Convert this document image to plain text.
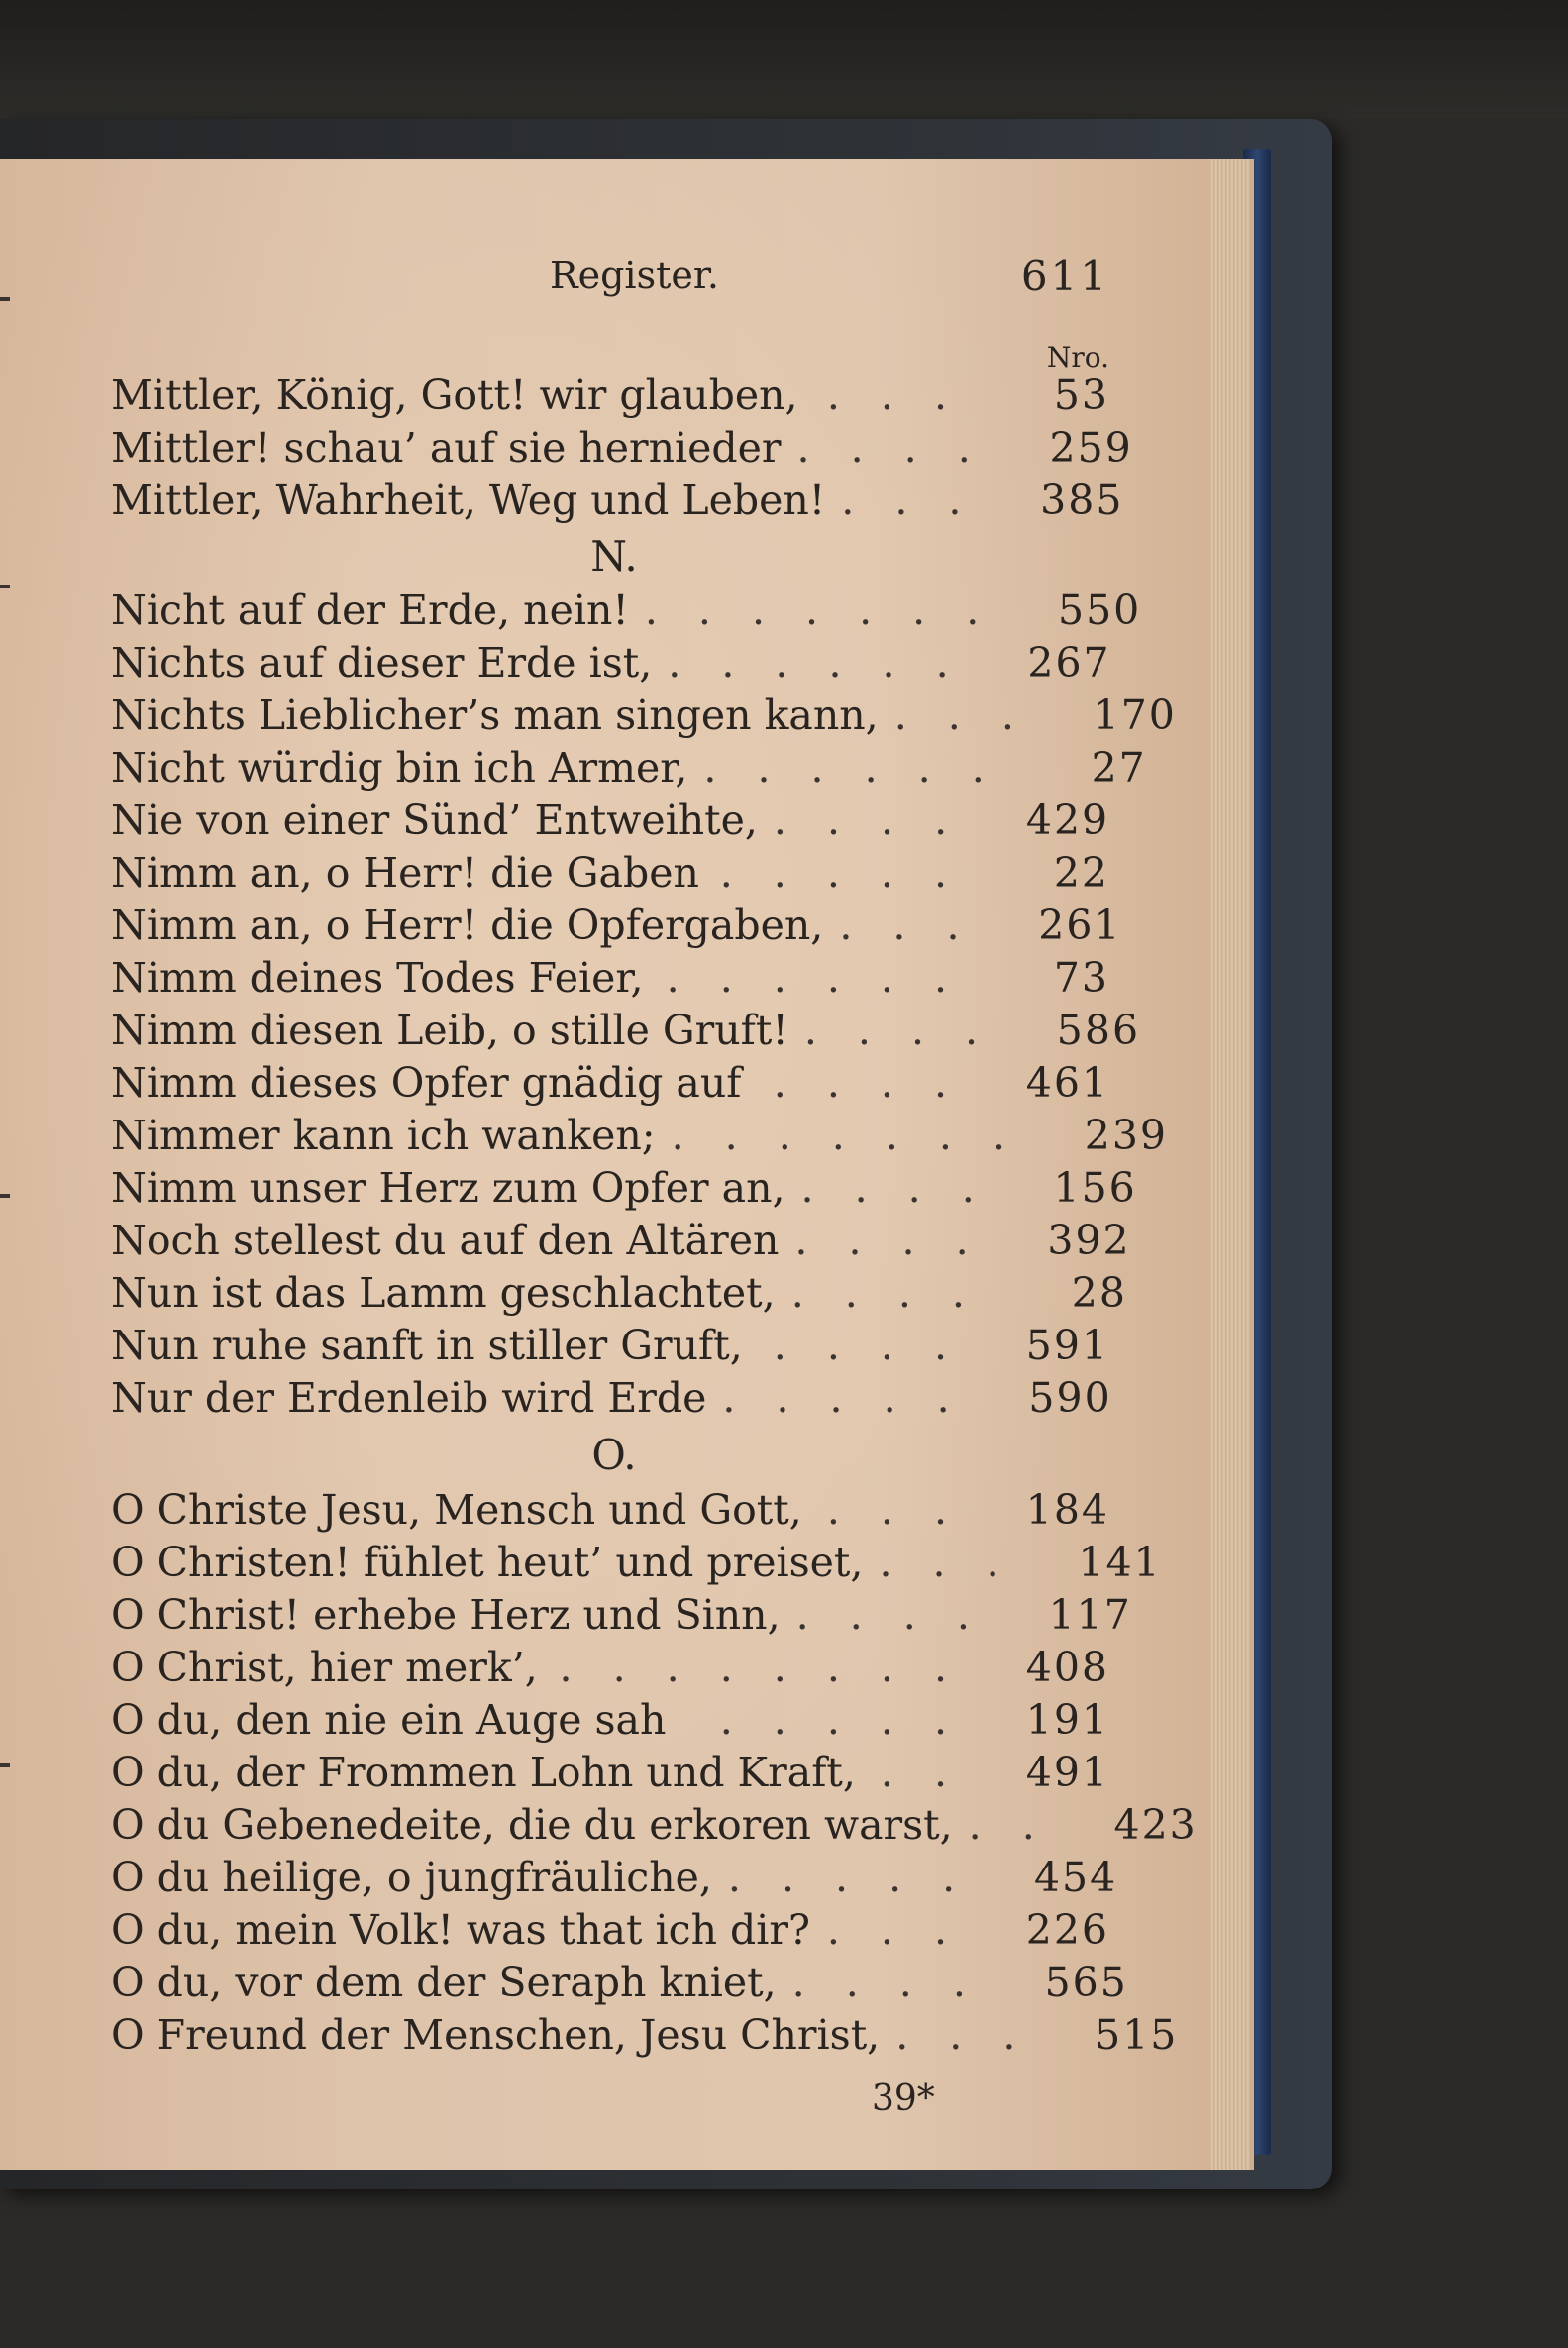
Register.	611
Nro.
Mittler, König, Gott! wir glauben, . . .	53
Mittler! schau’ auf sie hernieder . . . .	259
Mittler, Wahrheit, Weg und Leben! . . .	385
N.
Nicht auf der Erde, nein! . . . . . . .	550
Nichts auf dieser Erde ist, . . . . . .	267
Nichts Lieblicher’s man singen kann, . . .	170
Nicht würdig bin ich Armer, . . . . . .	27
Nie von einer Sünd’ Entweihte, . . . .	429
Nimm an, o Herr! die Gaben . . . . .	22
Nimm an, o Herr! die Opfergaben, . . .	261
Nimm deines Todes Feier, . . . . . .	73
Nimm diesen Leib, o stille Gruft! . . . .	586
Nimm dieses Opfer gnädig auf . . . .	461
Nimmer kann ich wanken; . . . . . . .	239
Nimm unser Herz zum Opfer an, . . . .	156
Noch stellest du auf den Altären . . . .	392
Nun ist das Lamm geschlachtet, . . . .	28
Nun ruhe sanft in stiller Gruft, . . . .	591
Nur der Erdenleib wird Erde . . . . .	590
O.
O Christe Jesu, Mensch und Gott, . . .	184
O Christen! fühlet heut’ und preiset, . . .	141
O Christ! erhebe Herz und Sinn, . . . .	117
O Christ, hier merk’, . . . . . . . .	408
O du, den nie ein Auge sah	. . . . .	191
O du, der Frommen Lohn und Kraft, . .	491
O du Gebenedeite, die du erkoren warst, . .	423
O du heilige, o jungfräuliche, . . . . .	454
O du, mein Volk! was that ich dir? . . .	226
O du, vor dem der Seraph kniet, . . . .	565
O Freund der Menschen, Jesu Christ, . . .	515
39*
